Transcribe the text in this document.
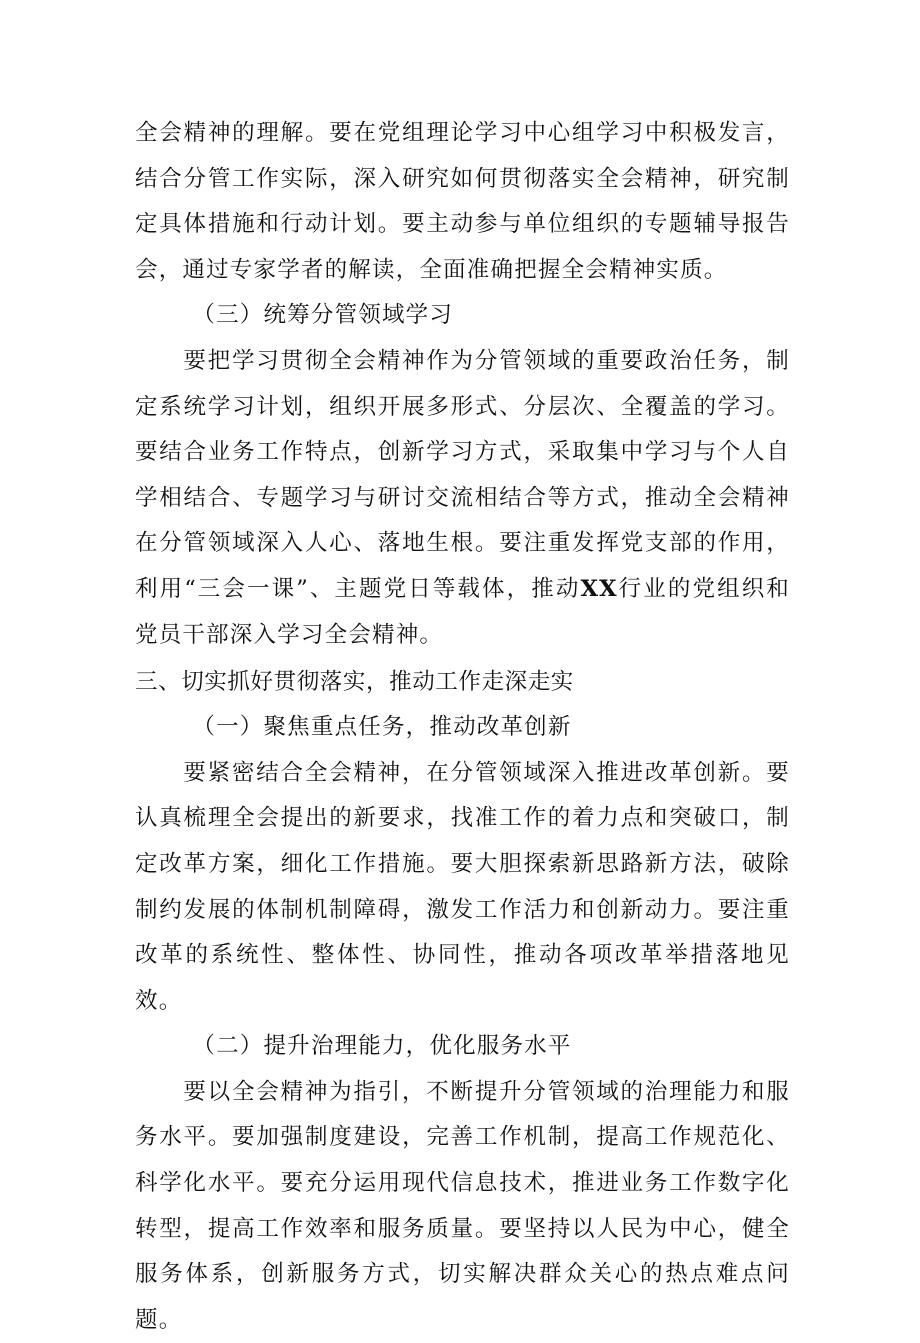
全会精神的理解。要在党组理论学习中心组学习中积极发言，结合分管工作实际，深入研究如何贯彻落实全会精神，研究制定具体措施和行动计划。要主动参与单位组织的专题辅导报告会，通过专家学者的解读，全面准确把握全会精神实质。

（三）统筹分管领域学习

要把学习贯彻全会精神作为分管领域的重要政治任务，制定系统学习计划，组织开展多形式、分层次、全覆盖的学习。要结合业务工作特点，创新学习方式，采取集中学习与个人自学相结合、专题学习与研讨交流相结合等方式，推动全会精神在分管领域深入人心、落地生根。要注重发挥党支部的作用，利用“三会一课”、主题党日等载体，推动XX行业的党组织和党员干部深入学习全会精神。

三、切实抓好贯彻落实，推动工作走深走实

（一）聚焦重点任务，推动改革创新

要紧密结合全会精神，在分管领域深入推进改革创新。要认真梳理全会提出的新要求，找准工作的着力点和突破口，制定改革方案，细化工作措施。要大胆探索新思路新方法，破除制约发展的体制机制障碍，激发工作活力和创新动力。要注重改革的系统性、整体性、协同性，推动各项改革举措落地见效。

（二）提升治理能力，优化服务水平

要以全会精神为指引，不断提升分管领域的治理能力和服务水平。要加强制度建设，完善工作机制，提高工作规范化、科学化水平。要充分运用现代信息技术，推进业务工作数字化转型，提高工作效率和服务质量。要坚持以人民为中心，健全服务体系，创新服务方式，切实解决群众关心的热点难点问题。
